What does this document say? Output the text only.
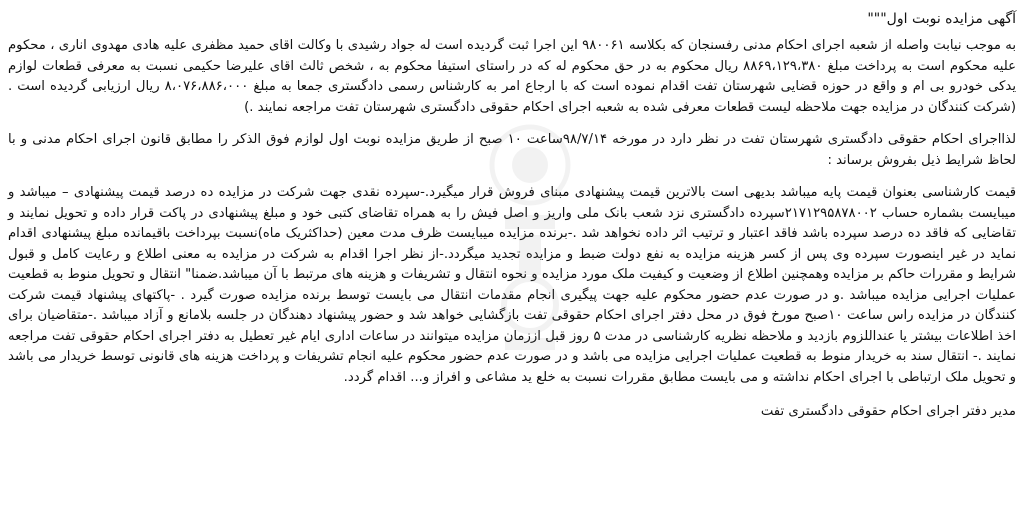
آگهی مزایده نوبت اول"""

به موجب نیابت واصله از شعبه اجرای احکام مدنی رفسنجان که بکلاسه ۹۸۰۰۶۱ این اجرا ثبت گردیده است له جواد رشیدی با وکالت اقای حمید مظفری علیه هادی مهدوی اناری ، محکوم علیه محکوم است به پرداخت مبلغ ۸۸۶۹،۱۲۹،۳۸۰ ریال محکوم به در حق محکوم له که در راستای استیفا محکوم به ، شخص ثالث اقای علیرضا حکیمی نسبت به معرفی قطعات لوازم یدکی خودرو بی ام و واقع در حوزه قضایی شهرستان تفت اقدام نموده است که با ارجاع امر به کارشناس رسمی دادگستری جمعا به مبلغ ۸،۰۷۶،۸۸۶،۰۰۰ ریال ارزیابی گردیده است . (شرکت کنندگان در مزایده جهت ملاحظه لیست قطعات معرفی شده به شعبه اجرای احکام حقوقی دادگستری شهرستان تفت مراجعه نمایند .)

لذااجرای احکام حقوقی دادگستری شهرستان تفت در نظر دارد در مورخه ۹۸/۷/۱۴ساعت ۱۰ صبح از طریق مزایده نوبت اول لوازم فوق الذکر را مطابق قانون اجرای احکام مدنی و با لحاظ شرایط ذیل بفروش برساند :

قیمت کارشناسی بعنوان قیمت پایه میباشد بدیهی است بالاترین قیمت پیشنهادی مبنای فروش قرار میگیرد.-سپرده نقدی جهت شرکت در مزایده ده درصد قیمت پیشنهادی – میباشد و میبایست بشماره حساب ۲۱۷۱۲۹۵۸۷۸۰۰۲سپرده دادگستری نزد شعب بانک ملی واریز و اصل فیش را به همراه تقاضای کتبی خود و مبلغ پیشنهادی در پاکت قرار داده و تحویل نمایند و تقاضایی که فاقد ده درصد سپرده باشد فاقد اعتبار و ترتیب اثر داده نخواهد شد .-برنده مزایده میبایست ظرف مدت معین (حداکثریک ماه)نسبت بپرداخت باقیمانده مبلغ پیشنهادی اقدام نماید در غیر اینصورت سپرده وی پس از کسر هزینه مزایده به نفع دولت ضبط و مزایده تجدید میگردد.-از نظر اجرا اقدام به شرکت در مزایده به معنی اطلاع و رعایت کامل و قبول شرایط و مقررات حاکم بر مزایده وهمچنین اطلاع از وضعیت و کیفیت ملک مورد مزایده و نحوه انتقال و تشریفات و هزینه های مرتبط با آن میباشد.ضمنا" انتقال و تحویل منوط به قطعیت عملیات اجرایی مزایده میباشد .و در صورت عدم حضور محکوم علیه جهت پیگیری انجام مقدمات انتقال می بایست توسط برنده مزایده صورت گیرد . -پاکتهای پیشنهاد قیمت شرکت کنندگان در مزایده راس ساعت ۱۰صبح مورخ فوق در محل دفتر اجرای احکام حقوقی تفت بازگشایی خواهد شد و حضور پیشنهاد دهندگان در جلسه بلامانع و آزاد میباشد .-متقاضیان برای اخذ اطلاعات بیشتر یا عنداللزوم بازدید و ملاحظه نظریه کارشناسی در مدت ۵ روز قبل اززمان مزایده میتوانند در ساعات اداری ایام غیر تعطیل به دفتر اجرای احکام حقوقی تفت مراجعه نمایند .- انتقال سند به خریدار منوط به قطعیت عملیات اجرایی مزایده می باشد و در صورت عدم حضور محکوم علیه انجام تشریفات و پرداخت هزینه های قانونی توسط خریدار می باشد و تحویل ملک ارتباطی با اجرای احکام نداشته و می بایست مطابق مقررات نسبت به خلع ید مشاعی و افراز و... اقدام گردد.

مدیر دفتر اجرای احکام حقوقی دادگستری تفت
